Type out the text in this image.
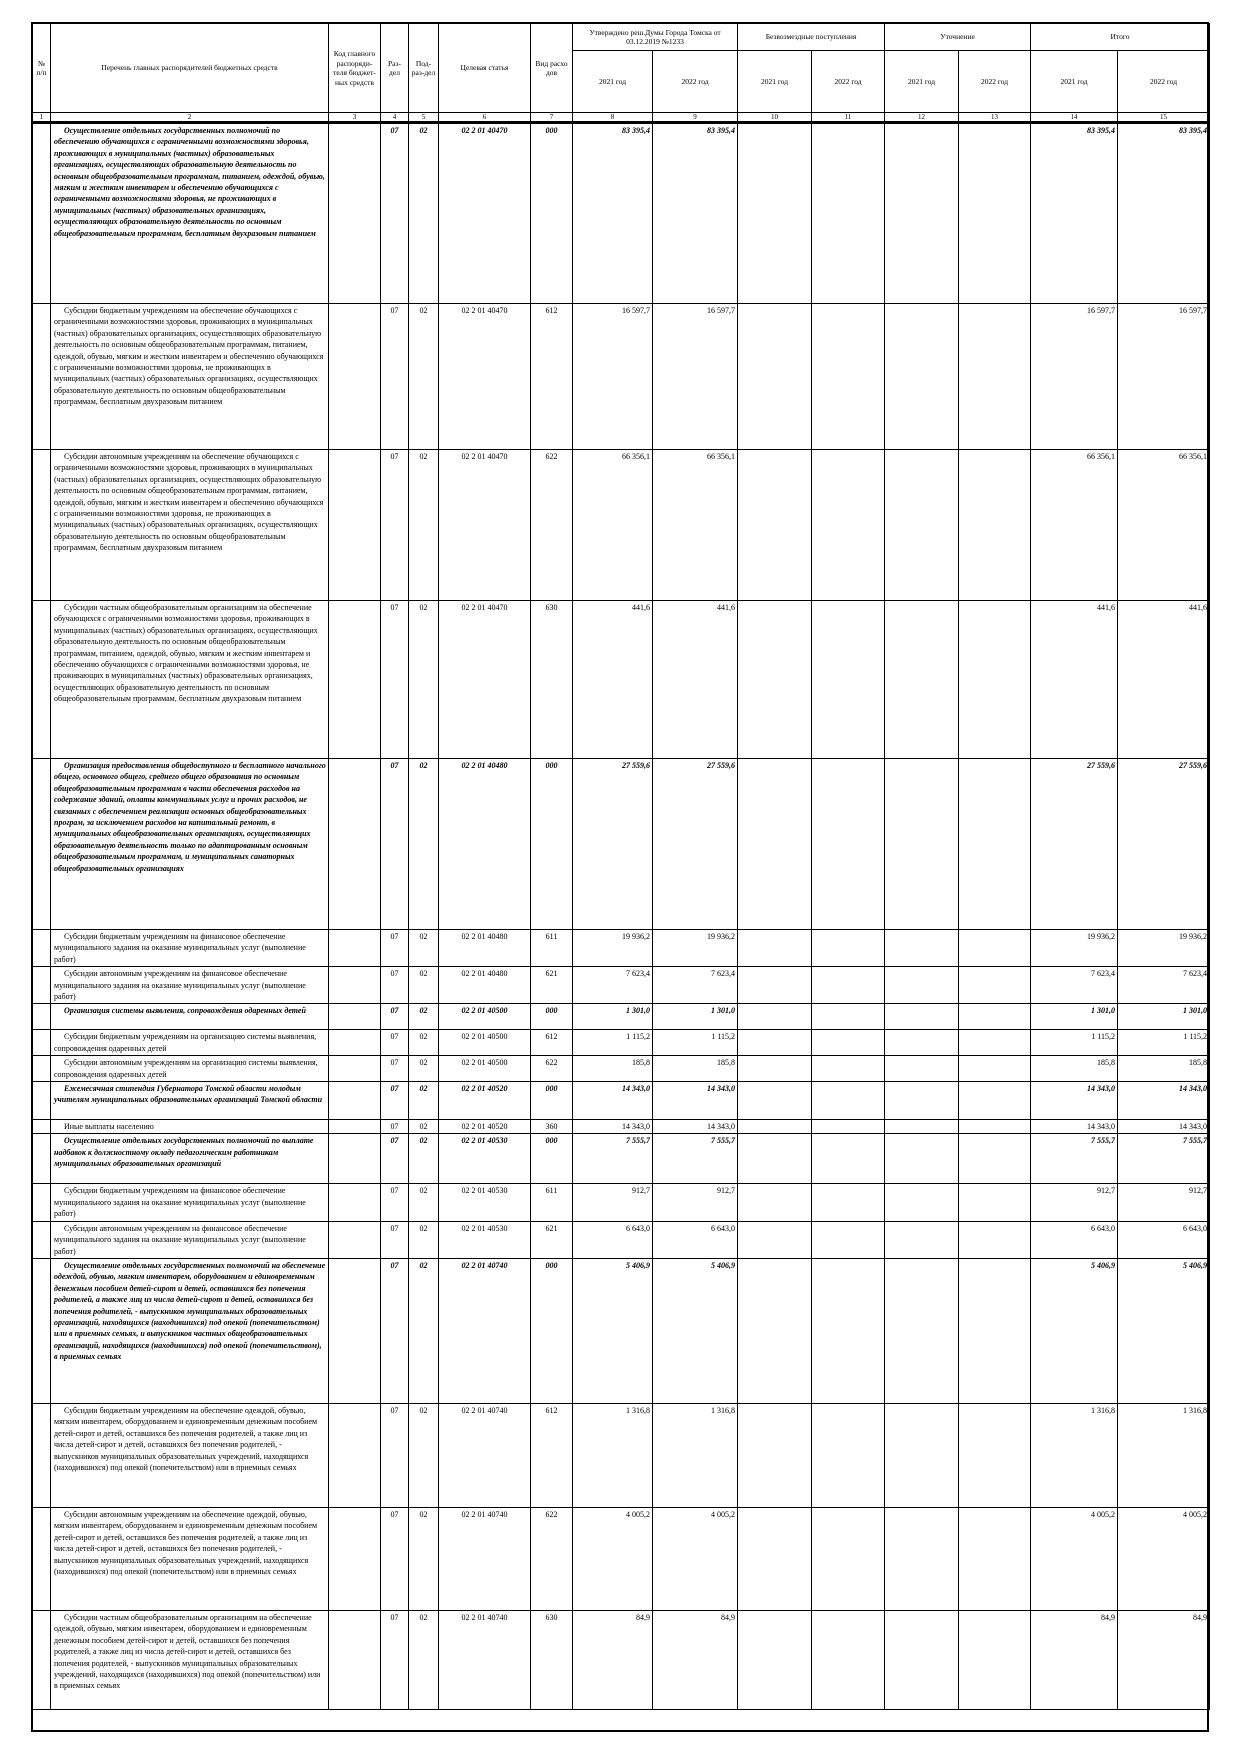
№ п/п	Перечень главных распорядителей бюджетных средств	Код главного распоряди-теля бюджет-ных средств	Раз-дел	Под-раз-дел	Целевая статья	Вид расхо дов	Утверждено реш.Думы Города Томска от 03.12.2019 №1233		Безвозмездные поступления		Уточнение		Итого	
							2021 год	2022 год	2021 год	2022 год	2021 год	2022 год	2021 год	2022 год
1	2	3	4	5	6	7	8	9	10	11	12	13	14	15

	Осуществление отдельных государственных полномочий по обеспечению обучающихся с ограниченными возможностями здоровья, проживающих в муниципальных (частных) образовательных организациях, осуществляющих образовательную деятельность по основным общеобразовательным программам, питанием, одеждой, обувью, мягким и жестким инвентарем и обеспечению обучающихся с ограниченными возможностями здоровья, не проживающих в муниципальных (частных) образовательных организациях, осуществляющих образовательную деятельность по основным общеобразовательным программам, бесплатным двухразовым питанием		07	02	02 2 01 40470	000	83 395,4	83 395,4					83 395,4	83 395,4

	Субсидии бюджетным учреждениям на обеспечение обучающихся с ограниченными возможностями здоровья, проживающих в муниципальных (частных) образовательных организациях, осуществляющих образовательную деятельность по основным общеобразовательным программам, питанием, одеждой, обувью, мягким и жестким инвентарем и обеспечению обучающихся с ограниченными возможностями здоровья, не проживающих в муниципальных (частных) образовательных организациях, осуществляющих образовательную деятельность по основным общеобразовательным программам, бесплатным двухразовым питанием		07	02	02 2 01 40470	612	16 597,7	16 597,7					16 597,7	16 597,7

	Субсидии автономным учреждениям на обеспечение обучающихся с ограниченными возможностями здоровья, проживающих в муниципальных (частных) образовательных организациях, осуществляющих образовательную деятельность по основным общеобразовательным программам, питанием, одеждой, обувью, мягким и жестким инвентарем и обеспечению обучающихся с ограниченными возможностями здоровья, не проживающих в муниципальных (частных) образовательных организациях, осуществляющих образовательную деятельность по основным общеобразовательным программам, бесплатным двухразовым питанием		07	02	02 2 01 40470	622	66 356,1	66 356,1					66 356,1	66 356,1

	Субсидии частным общеобразовательным организациям на обеспечение обучающихся с ограниченными возможностями здоровья, проживающих в муниципальных (частных) образовательных организациях, осуществляющих образовательную деятельность по основным общеобразовательным программам, питанием, одеждой, обувью, мягким и жестким инвентарем и обеспечению обучающихся с ограниченными возможностями здоровья, не проживающих в муниципальных (частных) образовательных организациях, осуществляющих образовательную деятельность по основным общеобразовательным программам, бесплатным двухразовым питанием		07	02	02 2 01 40470	630	441,6	441,6					441,6	441,6

	Организация предоставления общедоступного и бесплатного начального общего, основного общего, среднего общего образования по основным общеобразовательным программам в части обеспечения расходов на содержание зданий, оплаты коммунальных услуг и прочих расходов, не связанных с обеспечением реализации основных общеобразовательных програм, за исключением расходов на капитальный ремонт, в муниципальных общеобразовательных организациях, осуществляющих образовательную деятельность только по адаптированным основным общеобразовательным программам, и муниципальных санаторных общеобразовательных организациях		07	02	02 2 01 40480	000	27 559,6	27 559,6					27 559,6	27 559,6

	Субсидии бюджетным учреждениям на финансовое обеспечение муниципального задания на оказание муниципальных услуг (выполнение работ)		07	02	02 2 01 40480	611	19 936,2	19 936,2					19 936,2	19 936,2

	Субсидии автономным учреждениям на финансовое обеспечение муниципального задания на оказание муниципальных услуг (выполнение работ)		07	02	02 2 01 40480	621	7 623,4	7 623,4					7 623,4	7 623,4

	Организация системы выявления, сопровождения одаренных детей		07	02	02 2 01 40500	000	1 301,0	1 301,0					1 301,0	1 301,0

	Субсидии бюджетным учреждениям на организацию системы выявления, сопровождения одаренных детей		07	02	02 2 01 40500	612	1 115,2	1 115,2					1 115,2	1 115,2

	Субсидии автономным учреждениям на организацию системы выявления, сопровождения одаренных детей		07	02	02 2 01 40500	622	185,8	185,8					185,8	185,8

	Ежемесячная стипендия Губернатора Томской области молодым учителям муниципальных образовательных организаций Томской области		07	02	02 2 01 40520	000	14 343,0	14 343,0					14 343,0	14 343,0

	Иные выплаты населению		07	02	02 2 01 40520	360	14 343,0	14 343,0					14 343,0	14 343,0

	Осуществление отдельных государственных полномочий по выплате надбавок к должностному окладу педагогическим работникам муниципальных образовательных организаций		07	02	02 2 01 40530	000	7 555,7	7 555,7					7 555,7	7 555,7

	Субсидии бюджетным учреждениям на финансовое обеспечение муниципального задания на оказание муниципальных услуг (выполнение работ)		07	02	02 2 01 40530	611	912,7	912,7					912,7	912,7

	Субсидии автономным учреждениям на финансовое обеспечение муниципального задания на оказание муниципальных услуг (выполнение работ)		07	02	02 2 01 40530	621	6 643,0	6 643,0					6 643,0	6 643,0

	Осуществление отдельных государственных полномочий на обеспечение одеждой, обувью, мягким инвентарем, оборудованием и единовременным денежным пособием детей-сирот и детей, оставшихся без попечения родителей, а также лиц из числа детей-сирот и детей, оставшихся без попечения родителей, - выпускников муниципальных образовательных организаций, находящихся (находившихся) под опекой (попечительством) или в приемных семьях, и выпускников частных общеобразовательных организаций, находящихся (находившихся) под опекой (попечительством), в приемных семьях		07	02	02 2 01 40740	000	5 406,9	5 406,9					5 406,9	5 406,9

	Субсидии бюджетным учреждениям на обеспечение одеждой, обувью, мягким инвентарем, оборудованием и единовременным денежным пособием детей-сирот и детей, оставшихся без попечения родителей, а также лиц из числа детей-сирот и детей, оставшихся без попечения родителей, - выпускников муниципальных образовательных учреждений, находящихся (находившихся) под опекой (попечительством) или в приемных семьях		07	02	02 2 01 40740	612	1 316,8	1 316,8					1 316,8	1 316,8

	Субсидии автономным учреждениям на обеспечение одеждой, обувью, мягким инвентарем, оборудованием и единовременным денежным пособием детей-сирот и детей, оставшихся без попечения родителей, а также лиц из числа детей-сирот и детей, оставшихся без попечения родителей, - выпускников муниципальных образовательных учреждений, находящихся (находившихся) под опекой (попечительством) или в приемных семьях		07	02	02 2 01 40740	622	4 005,2	4 005,2					4 005,2	4 005,2

	Субсидии частным общеобразовательным организациям на обеспечение одеждой, обувью, мягким инвентарем, оборудованием и единовременным денежным пособием детей-сирот и детей, оставшихся без попечения родителей, а также лиц из числа детей-сирот и детей, оставшихся без попечения родителей, - выпускников муниципальных образовательных учреждений, находящихся (находившихся) под опекой (попечительством) или в приемных семьях		07	02	02 2 01 40740	630	84,9	84,9					84,9	84,9
